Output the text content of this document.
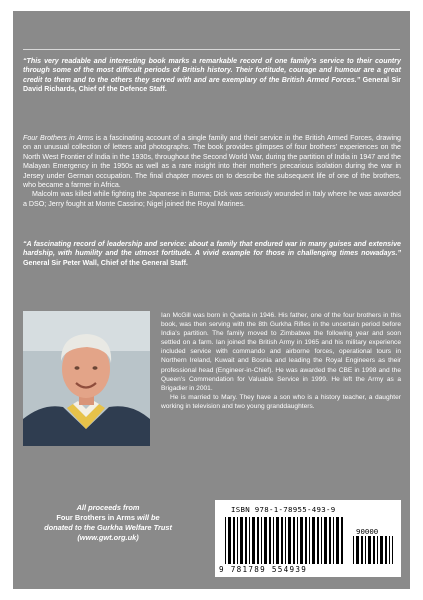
“This very readable and interesting book marks a remarkable record of one family’s service to their country through some of the most difficult periods of British history. Their fortitude, courage and humour are a great credit to them and to the others they served with and are exemplary of the British Armed Forces.” General Sir David Richards, Chief of the Defence Staff.

Four Brothers in Arms is a fascinating account of a single family and their service in the British Armed Forces, drawing on an unusual collection of letters and photographs. The book provides glimpses of four brothers’ experiences on the North West Frontier of India in the 1930s, throughout the Second World War, during the partition of India in 1947 and the Malayan Emergency in the 1950s as well as a rare insight into their mother’s precarious isolation during the war in Jersey under German occupation. The final chapter moves on to describe the subsequent life of one of the brothers, who became a farmer in Africa.

Malcolm was killed while fighting the Japanese in Burma; Dick was seriously wounded in Italy where he was awarded a DSO; Jerry fought at Monte Cassino; Nigel joined the Royal Marines.

“A fascinating record of leadership and service: about a family that endured war in many guises and extensive hardship, with humility and the utmost fortitude. A vivid example for those in challenging times nowadays.” General Sir Peter Wall, Chief of the General Staff.

Ian McGill was born in Quetta in 1946. His father, one of the four brothers in this book, was then serving with the 8th Gurkha Rifles in the uncertain period before India’s partition. The family moved to Zimbabwe the following year and soon settled on a farm. Ian joined the British Army in 1965 and his military experience included service with commando and airborne forces, operational tours in Northern Ireland, Kuwait and Bosnia and leading the Royal Engineers as their professional head (Engineer-in-Chief). He was awarded the CBE in 1998 and the Queen’s Commendation for Valuable Service in 1999. He left the Army as a Brigadier in 2001.

He is married to Mary. They have a son who is a history teacher, a daughter working in television and two young granddaughters.

All proceeds from
Four Brothers in Arms will be
donated to the Gurkha Welfare Trust
(www.gwt.org.uk)
ISBN 978-1-78955-493-9
90000
9 781789 554939
